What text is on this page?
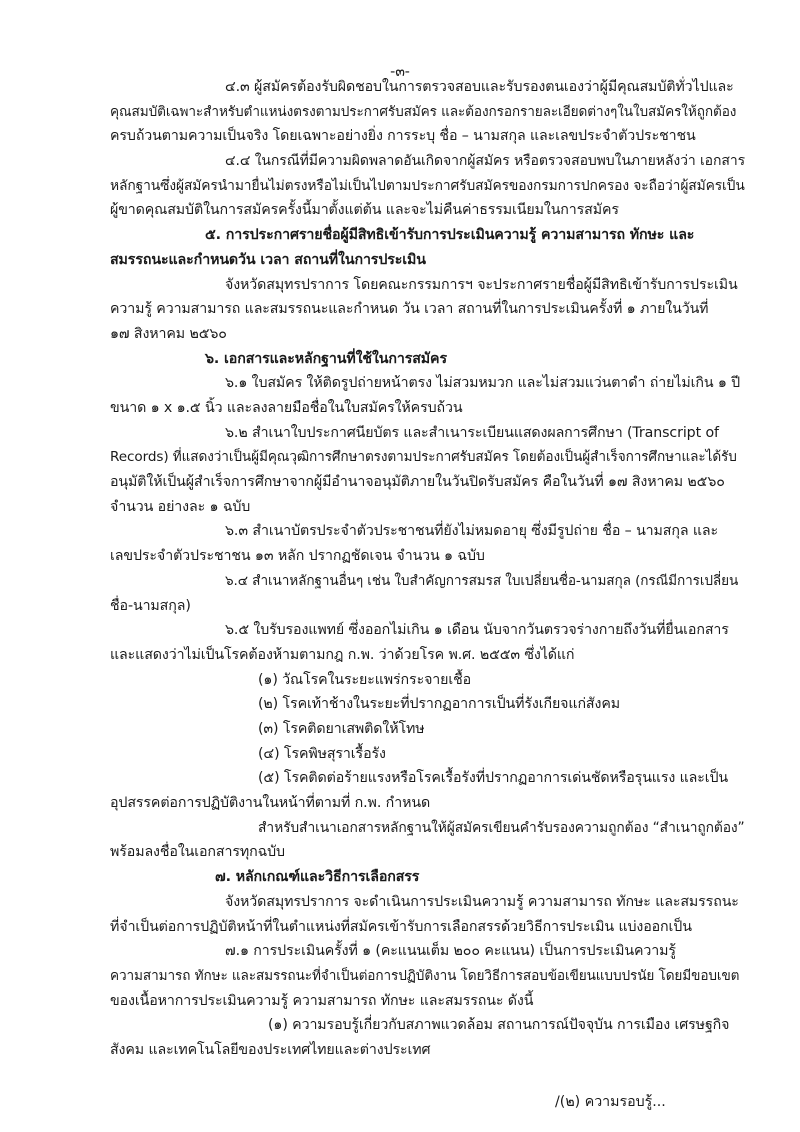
-๓-
๔.๓ ผู้สมัครต้องรับผิดชอบในการตรวจสอบและรับรองตนเองว่าผู้มีคุณสมบัติทั่วไปและ
คุณสมบัติเฉพาะสำหรับตำแหน่งตรงตามประกาศรับสมัคร และต้องกรอกรายละเอียดต่างๆในใบสมัครให้ถูกต้อง
ครบถ้วนตามความเป็นจริง โดยเฉพาะอย่างยิ่ง การระบุ ชื่อ – นามสกุล และเลขประจำตัวประชาชน
๔.๔ ในกรณีที่มีความผิดพลาดอันเกิดจากผู้สมัคร หรือตรวจสอบพบในภายหลังว่า เอกสาร
หลักฐานซึ่งผู้สมัครนำมายื่นไม่ตรงหรือไม่เป็นไปตามประกาศรับสมัครของกรมการปกครอง จะถือว่าผู้สมัครเป็น
ผู้ขาดคุณสมบัติในการสมัครครั้งนี้มาตั้งแต่ต้น และจะไม่คืนค่าธรรมเนียมในการสมัคร
๕. การประกาศรายชื่อผู้มีสิทธิเข้ารับการประเมินความรู้ ความสามารถ ทักษะ และ
สมรรถนะและกำหนดวัน เวลา สถานที่ในการประเมิน
จังหวัดสมุทรปราการ โดยคณะกรรมการฯ จะประกาศรายชื่อผู้มีสิทธิเข้ารับการประเมิน
ความรู้ ความสามารถ และสมรรถนะและกำหนด วัน เวลา สถานที่ในการประเมินครั้งที่ ๑ ภายในวันที่
๑๗ สิงหาคม ๒๕๖๐
๖. เอกสารและหลักฐานที่ใช้ในการสมัคร
๖.๑ ใบสมัคร ให้ติดรูปถ่ายหน้าตรง ไม่สวมหมวก และไม่สวมแว่นตาดำ ถ่ายไม่เกิน ๑ ปี
ขนาด ๑ x ๑.๕ นิ้ว และลงลายมือชื่อในใบสมัครให้ครบถ้วน
๖.๒ สำเนาใบประกาศนียบัตร และสำเนาระเบียนแสดงผลการศึกษา (Transcript of
Records) ที่แสดงว่าเป็นผู้มีคุณวุฒิการศึกษาตรงตามประกาศรับสมัคร โดยต้องเป็นผู้สำเร็จการศึกษาและได้รับ
อนุมัติให้เป็นผู้สำเร็จการศึกษาจากผู้มีอำนาจอนุมัติภายในวันปิดรับสมัคร คือในวันที่ ๑๗ สิงหาคม ๒๕๖๐
จำนวน อย่างละ ๑ ฉบับ
๖.๓ สำเนาบัตรประจำตัวประชาชนที่ยังไม่หมดอายุ ซึ่งมีรูปถ่าย ชื่อ – นามสกุล และ
เลขประจำตัวประชาชน ๑๓ หลัก ปรากฏชัดเจน จำนวน ๑ ฉบับ
๖.๔ สำเนาหลักฐานอื่นๆ เช่น ใบสำคัญการสมรส ใบเปลี่ยนชื่อ-นามสกุล (กรณีมีการเปลี่ยน
ชื่อ-นามสกุล)
๖.๕ ใบรับรองแพทย์ ซึ่งออกไม่เกิน ๑ เดือน นับจากวันตรวจร่างกายถึงวันที่ยื่นเอกสาร
และแสดงว่าไม่เป็นโรคต้องห้ามตามกฎ ก.พ. ว่าด้วยโรค พ.ศ. ๒๕๕๓ ซึ่งได้แก่
(๑) วัณโรคในระยะแพร่กระจายเชื้อ
(๒) โรคเท้าช้างในระยะที่ปรากฏอาการเป็นที่รังเกียจแก่สังคม
(๓) โรคติดยาเสพติดให้โทษ
(๔) โรคพิษสุราเรื้อรัง
(๕) โรคติดต่อร้ายแรงหรือโรคเรื้อรังที่ปรากฏอาการเด่นชัดหรือรุนแรง และเป็น
อุปสรรคต่อการปฏิบัติงานในหน้าที่ตามที่ ก.พ. กำหนด
สำหรับสำเนาเอกสารหลักฐานให้ผู้สมัครเขียนคำรับรองความถูกต้อง “สำเนาถูกต้อง”
พร้อมลงชื่อในเอกสารทุกฉบับ
๗. หลักเกณฑ์และวิธีการเลือกสรร
จังหวัดสมุทรปราการ จะดำเนินการประเมินความรู้ ความสามารถ ทักษะ และสมรรถนะ
ที่จำเป็นต่อการปฏิบัติหน้าที่ในตำแหน่งที่สมัครเข้ารับการเลือกสรรด้วยวิธีการประเมิน แบ่งออกเป็น
๗.๑ การประเมินครั้งที่ ๑ (คะแนนเต็ม ๒๐๐ คะแนน) เป็นการประเมินความรู้
ความสามารถ ทักษะ และสมรรถนะที่จำเป็นต่อการปฏิบัติงาน โดยวิธีการสอบข้อเขียนแบบปรนัย โดยมีขอบเขต
ของเนื้อหาการประเมินความรู้ ความสามารถ ทักษะ และสมรรถนะ ดังนี้
(๑) ความรอบรู้เกี่ยวกับสภาพแวดล้อม สถานการณ์ปัจจุบัน การเมือง เศรษฐกิจ
สังคม และเทคโนโลยีของประเทศไทยและต่างประเทศ
/(๒) ความรอบรู้...
